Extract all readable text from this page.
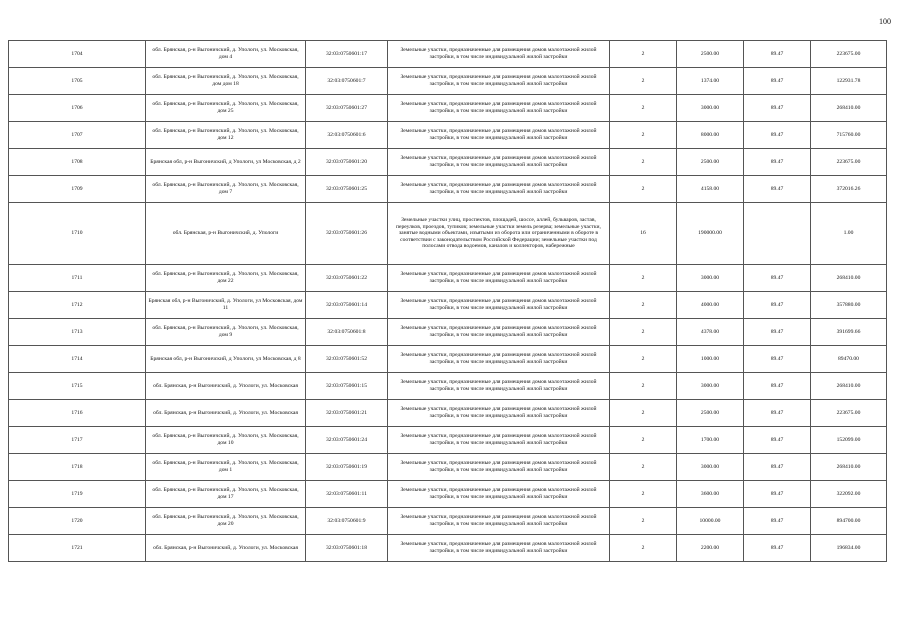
100
1704	обл. Брянская, р-н Выгоничский, д. Упологи, ул. Московская, дом 4	32:03:0750601:17	Земельные участки, предназначенные для размещения домов малоэтажной жилой застройки, в том числе индивидуальной жилой застройки	2	2500.00	89.47	223675.00
1705	обл. Брянская, р-н Выгоничский, д. Упологи, ул. Московская, дом дом 18	32:03:0750601:7	Земельные участки, предназначенные для размещения домов малоэтажной жилой застройки, в том числе индивидуальной жилой застройки	2	1374.00	89.47	122931.78
1706	обл. Брянская, р-н Выгоничский, д. Упологи, ул. Московская, дом 25	32:03:0750601:27	Земельные участки, предназначенные для размещения домов малоэтажной жилой застройки, в том числе индивидуальной жилой застройки	2	3000.00	89.47	268410.00
1707	обл. Брянская, р-н Выгоничский, д. Упологи, ул. Московская, дом 12	32:03:0750601:6	Земельные участки, предназначенные для размещения домов малоэтажной жилой застройки, в том числе индивидуальной жилой застройки	2	8000.00	89.47	715760.00
1708	Брянская обл, р-н Выгоничский, д Упологи, ул Московская, д 2	32:03:0750601:20	Земельные участки, предназначенные для размещения домов малоэтажной жилой застройки, в том числе индивидуальной жилой застройки	2	2500.00	89.47	223675.00
1709	обл. Брянская, р-н Выгоничский, д. Упологи, ул. Московская, дом 7	32:03:0750601:25	Земельные участки, предназначенные для размещения домов малоэтажной жилой застройки, в том числе индивидуальной жилой застройки	2	4158.00	89.47	372016.26
1710	обл. Брянская, р-н Выгоничский, д. Упологи	32:03:0750601:26	Земельные участки улиц, проспектов, площадей, шоссе, аллей, бульваров, застав, переулков, проездов, тупиков; земельные участки земель резерва; земельные участки, занятые водными объектами, изъятыми из оборота или ограниченными в обороте в соответствии с законодательством Российской Федерации; земельные участки под полосами отвода водоемов, каналов и коллекторов, набережные	16	190000.00		1.00
1711	обл. Брянская, р-н Выгоничский, д. Упологи, ул. Московская, дом 22	32:03:0750601:22	Земельные участки, предназначенные для размещения домов малоэтажной жилой застройки, в том числе индивидуальной жилой застройки	2	3000.00	89.47	268410.00
1712	Брянская обл, р-н Выгоничский, д. Упологи, ул Московская, дом 11	32:03:0750601:14	Земельные участки, предназначенные для размещения домов малоэтажной жилой застройки, в том числе индивидуальной жилой застройки	2	4000.00	89.47	357880.00
1713	обл. Брянская, р-н Выгоничский, д. Упологи, ул. Московская, дом 9	32:03:0750601:8	Земельные участки, предназначенные для размещения домов малоэтажной жилой застройки, в том числе индивидуальной жилой застройки	2	4378.00	89.47	391699.66
1714	Брянская обл, р-н Выгоничский, д Упологи, ул Московская, д 8	32:03:0750601:52	Земельные участки, предназначенные для размещения домов малоэтажной жилой застройки, в том числе индивидуальной жилой застройки	2	1000.00	89.47	89470.00
1715	обл. Брянская, р-н Выгоничский, д. Упологи, ул. Московская	32:03:0750601:15	Земельные участки, предназначенные для размещения домов малоэтажной жилой застройки, в том числе индивидуальной жилой застройки	2	3000.00	89.47	268410.00
1716	обл. Брянская, р-н Выгоничский, д. Упологи, ул. Московская	32:03:0750601:21	Земельные участки, предназначенные для размещения домов малоэтажной жилой застройки, в том числе индивидуальной жилой застройки	2	2500.00	89.47	223675.00
1717	обл. Брянская, р-н Выгоничский, д. Упологи, ул. Московская, дом 10	32:03:0750601:24	Земельные участки, предназначенные для размещения домов малоэтажной жилой застройки, в том числе индивидуальной жилой застройки	2	1700.00	89.47	152099.00
1718	обл. Брянская, р-н Выгоничский, д. Упологи, ул. Московская, дом 1	32:03:0750601:19	Земельные участки, предназначенные для размещения домов малоэтажной жилой застройки, в том числе индивидуальной жилой застройки	2	3000.00	89.47	268410.00
1719	обл. Брянская, р-н Выгоничский, д. Упологи, ул. Московская, дом 17	32:03:0750601:11	Земельные участки, предназначенные для размещения домов малоэтажной жилой застройки, в том числе индивидуальной жилой застройки	2	3600.00	89.47	322092.00
1720	обл. Брянская, р-н Выгоничский, д. Упологи, ул. Московская, дом 20	32:03:0750601:9	Земельные участки, предназначенные для размещения домов малоэтажной жилой застройки, в том числе индивидуальной жилой застройки	2	10000.00	89.47	894700.00
1721	обл. Брянская, р-н Выгоничский, д. Упологи, ул. Московская	32:03:0750601:18	Земельные участки, предназначенные для размещения домов малоэтажной жилой застройки, в том числе индивидуальной жилой застройки	2	2200.00	89.47	196834.00
